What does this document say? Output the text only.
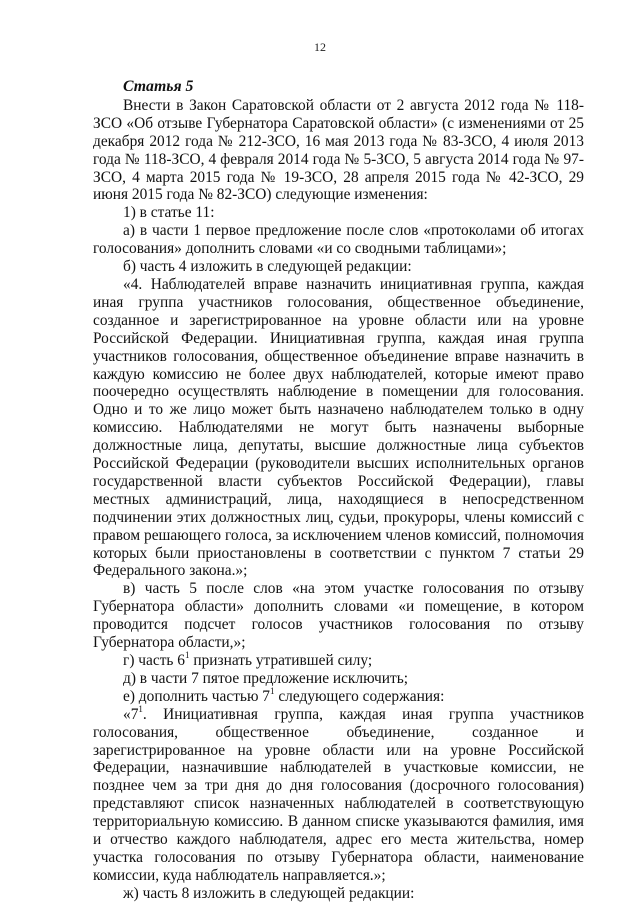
12
Статья 5

Внести в Закон Саратовской области от 2 августа 2012 года № 118-ЗСО «Об отзыве Губернатора Саратовской области» (с изменениями от 25 декабря 2012 года № 212-ЗСО, 16 мая 2013 года № 83-ЗСО, 4 июля 2013 года № 118-ЗСО, 4 февраля 2014 года № 5-ЗСО, 5 августа 2014 года № 97-ЗСО, 4 марта 2015 года № 19-ЗСО, 28 апреля 2015 года № 42-ЗСО, 29 июня 2015 года № 82-ЗСО) следующие изменения:

1) в статье 11:

а) в части 1 первое предложение после слов «протоколами об итогах голосования» дополнить словами «и со сводными таблицами»;

б) часть 4 изложить в следующей редакции:

«4. Наблюдателей вправе назначить инициативная группа, каждая иная группа участников голосования, общественное объединение, созданное и зарегистрированное на уровне области или на уровне Российской Федерации. Инициативная группа, каждая иная группа участников голосования, общественное объединение вправе назначить в каждую комиссию не более двух наблюдателей, которые имеют право поочередно осуществлять наблюдение в помещении для голосования. Одно и то же лицо может быть назначено наблюдателем только в одну комиссию. Наблюдателями не могут быть назначены выборные должностные лица, депутаты, высшие должностные лица субъектов Российской Федерации (руководители высших исполнительных органов государственной власти субъектов Российской Федерации), главы местных администраций, лица, находящиеся в непосредственном подчинении этих должностных лиц, судьи, прокуроры, члены комиссий с правом решающего голоса, за исключением членов комиссий, полномочия которых были приостановлены в соответствии с пунктом 7 статьи 29 Федерального закона.»;

в) часть 5 после слов «на этом участке голосования по отзыву Губернатора области» дополнить словами «и помещение, в котором проводится подсчет голосов участников голосования по отзыву Губернатора области,»;

г) часть $6^1$ признать утратившей силу;

д) в части 7 пятое предложение исключить;

е) дополнить частью $7^1$ следующего содержания:

«$7^1$. Инициативная группа, каждая иная группа участников голосования, общественное объединение, созданное и зарегистрированное на уровне области или на уровне Российской Федерации, назначившие наблюдателей в участковые комиссии, не позднее чем за три дня до дня голосования (досрочного голосования) представляют список назначенных наблюдателей в соответствующую территориальную комиссию. В данном списке указываются фамилия, имя и отчество каждого наблюдателя, адрес его места жительства, номер участка голосования по отзыву Губернатора области, наименование комиссии, куда наблюдатель направляется.»;

ж) часть 8 изложить в следующей редакции:
